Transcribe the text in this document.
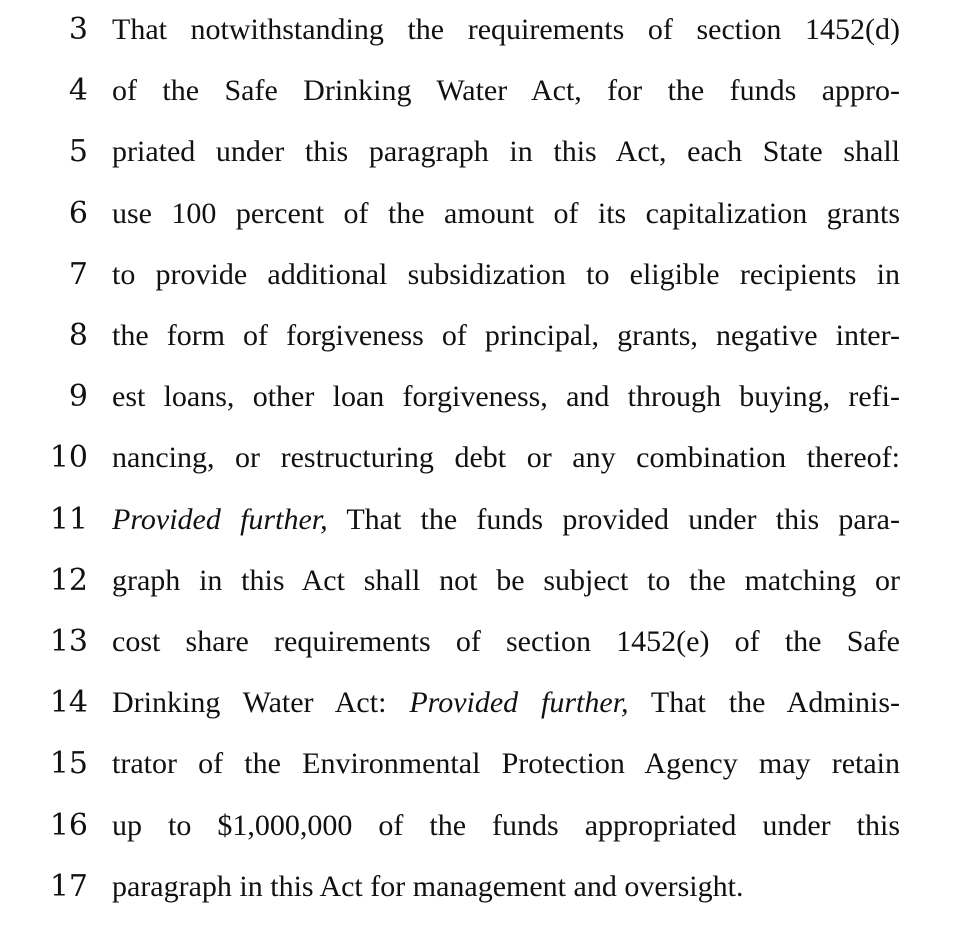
3 That notwithstanding the requirements of section 1452(d)
4 of the Safe Drinking Water Act, for the funds appro-
5 priated under this paragraph in this Act, each State shall
6 use 100 percent of the amount of its capitalization grants
7 to provide additional subsidization to eligible recipients in
8 the form of forgiveness of principal, grants, negative inter-
9 est loans, other loan forgiveness, and through buying, refi-
10 nancing, or restructuring debt or any combination thereof:
11 Provided further, That the funds provided under this para-
12 graph in this Act shall not be subject to the matching or
13 cost share requirements of section 1452(e) of the Safe
14 Drinking Water Act: Provided further, That the Adminis-
15 trator of the Environmental Protection Agency may retain
16 up to $1,000,000 of the funds appropriated under this
17 paragraph in this Act for management and oversight.
